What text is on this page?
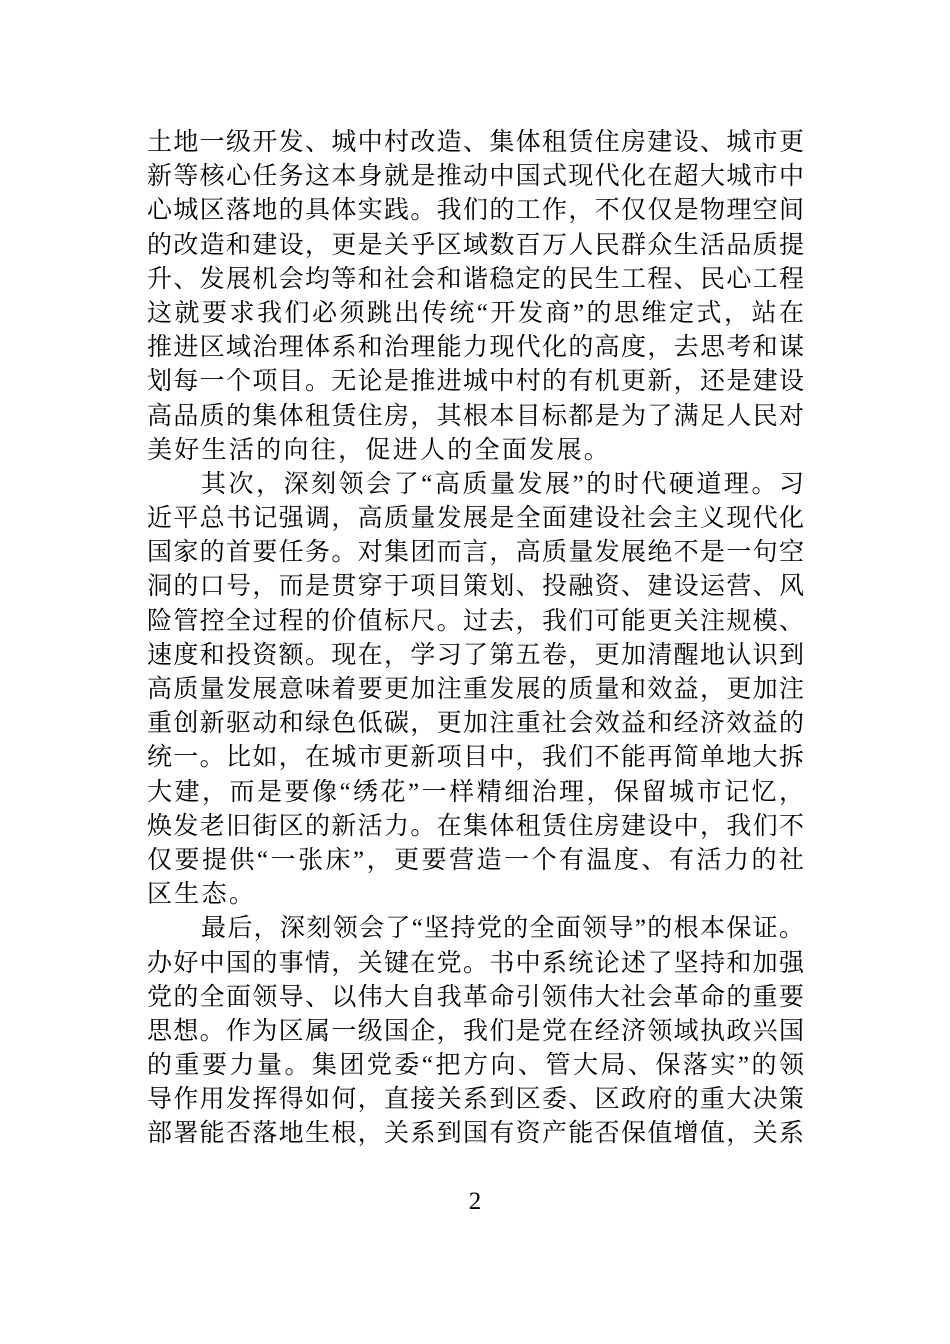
土地一级开发、城中村改造、集体租赁住房建设、城市更
新等核心任务这本身就是推动中国式现代化在超大城市中
心城区落地的具体实践。我们的工作，不仅仅是物理空间
的改造和建设，更是关乎区域数百万人民群众生活品质提
升、发展机会均等和社会和谐稳定的民生工程、民心工程
这就要求我们必须跳出传统“开发商”的思维定式，站在
推进区域治理体系和治理能力现代化的高度，去思考和谋
划每一个项目。无论是推进城中村的有机更新，还是建设
高品质的集体租赁住房，其根本目标都是为了满足人民对
美好生活的向往，促进人的全面发展。
其次，深刻领会了“高质量发展”的时代硬道理。习
近平总书记强调，高质量发展是全面建设社会主义现代化
国家的首要任务。对集团而言，高质量发展绝不是一句空
洞的口号，而是贯穿于项目策划、投融资、建设运营、风
险管控全过程的价值标尺。过去，我们可能更关注规模、
速度和投资额。现在，学习了第五卷，更加清醒地认识到
高质量发展意味着要更加注重发展的质量和效益，更加注
重创新驱动和绿色低碳，更加注重社会效益和经济效益的
统一。比如，在城市更新项目中，我们不能再简单地大拆
大建，而是要像“绣花”一样精细治理，保留城市记忆，
焕发老旧街区的新活力。在集体租赁住房建设中，我们不
仅要提供“一张床”，更要营造一个有温度、有活力的社
区生态。
最后，深刻领会了“坚持党的全面领导”的根本保证。
办好中国的事情，关键在党。书中系统论述了坚持和加强
党的全面领导、以伟大自我革命引领伟大社会革命的重要
思想。作为区属一级国企，我们是党在经济领域执政兴国
的重要力量。集团党委“把方向、管大局、保落实”的领
导作用发挥得如何，直接关系到区委、区政府的重大决策
部署能否落地生根，关系到国有资产能否保值增值，关系
2
